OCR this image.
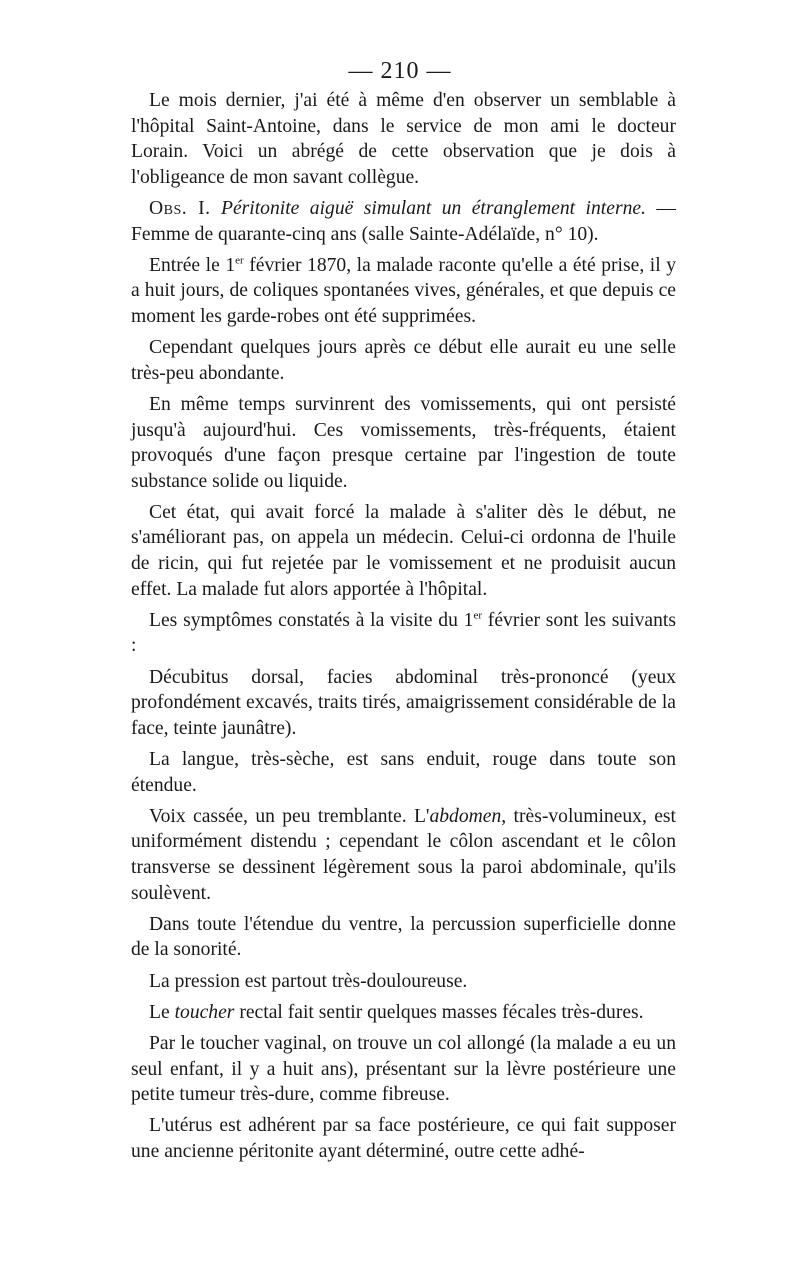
— 210 —

Le mois dernier, j'ai été à même d'en observer un semblable à l'hôpital Saint-Antoine, dans le service de mon ami le docteur Lorain. Voici un abrégé de cette observation que je dois à l'obligeance de mon savant collègue.

Obs. I. Péritonite aiguë simulant un étranglement interne. — Femme de quarante-cinq ans (salle Sainte-Adélaïde, n° 10).

Entrée le 1er février 1870, la malade raconte qu'elle a été prise, il y a huit jours, de coliques spontanées vives, générales, et que depuis ce moment les garde-robes ont été supprimées.

Cependant quelques jours après ce début elle aurait eu une selle très-peu abondante.

En même temps survinrent des vomissements, qui ont persisté jusqu'à aujourd'hui. Ces vomissements, très-fréquents, étaient provoqués d'une façon presque certaine par l'ingestion de toute substance solide ou liquide.

Cet état, qui avait forcé la malade à s'aliter dès le début, ne s'améliorant pas, on appela un médecin. Celui-ci ordonna de l'huile de ricin, qui fut rejetée par le vomissement et ne produisit aucun effet. La malade fut alors apportée à l'hôpital.

Les symptômes constatés à la visite du 1er février sont les suivants :

Décubitus dorsal, facies abdominal très-prononcé (yeux profondément excavés, traits tirés, amaigrissement considérable de la face, teinte jaunâtre).

La langue, très-sèche, est sans enduit, rouge dans toute son étendue.

Voix cassée, un peu tremblante. L'abdomen, très-volumineux, est uniformément distendu ; cependant le côlon ascendant et le côlon transverse se dessinent légèrement sous la paroi abdominale, qu'ils soulèvent.

Dans toute l'étendue du ventre, la percussion superficielle donne de la sonorité.

La pression est partout très-douloureuse.

Le toucher rectal fait sentir quelques masses fécales très-dures.

Par le toucher vaginal, on trouve un col allongé (la malade a eu un seul enfant, il y a huit ans), présentant sur la lèvre postérieure une petite tumeur très-dure, comme fibreuse.

L'utérus est adhérent par sa face postérieure, ce qui fait supposer une ancienne péritonite ayant déterminé, outre cette adhé-
